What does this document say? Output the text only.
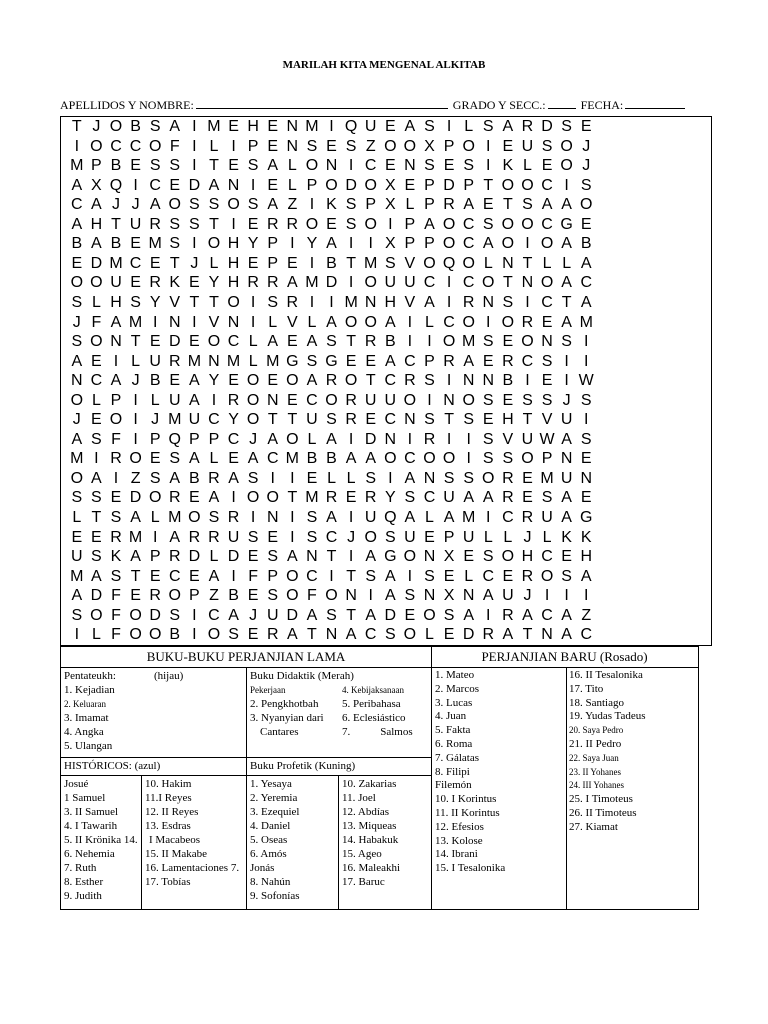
MARILAH KITA MENGENAL ALKITAB
APELLIDOS Y NOMBRE:	GRADO Y SECC.:	FECHA:
T J O B S A I M E H E N M I Q U E A S I L S A R D S E
I O C C O F I L I P E N S E S Z O O X P O I E U S O J
M P B E S S I T E S A L O N I C E N S E S I K L E O J
A X Q I C E D A N I E L P O D O X E P D P T O O C I S
C A J J A O S S O S A Z I K S P X L P R A E T S A A O
A H T U R S S T I E R R O E S O I P A O C S O O C G E
B A B E M S I O H Y P I Y A I I X P P O C A O I O A B
E D M C E T J L H E P E I B T M S V O Q O L N T L L A
O O U E R K E Y H R R A M D I O U U C I C O T N O A C
S L H S Y V T T O I S R I I M N H V A I R N S I C T A
J F A M I N I V N I L V L A O O A I L C O I O R E A M
S O N T E D E O C L A E A S T R B I I O M S E O N S I
A E I L U R M N M L M G S G E E A C P R A E R C S I I
N C A J B E A Y E O E O A R O T C R S I N N B I E I W
O L P I L U A I R O N E C O R U U O I N O S E S S J S
J E O I J M U C Y O T T U S R E C N S T S E H T V U I
A S F I P Q P P C J A O L A I D N I R I I S V U W A S
M I R O E S A L E A C M B B A A O C O O I S S O P N E
O A I Z S A B R A S I I E L L S I A N S S O R E M U N
S S E D O R E A I O O T M R E R Y S C U A A R E S A E
L T S A L M O S R I N I S A I U Q A L A M I C R U A G
E E R M I A R R U S E I S C J O S U E P U L L J L K K
U S K A P R D L D E S A N T I A G O N X E S O H C E H
M A S T E C E A I F P O C I T S A I S E L C E R O S A
A D F E R O P Z B E S O F O N I A S N X N A U J I I I
S O F O D S I C A J U D A S T A D E O S A I R A C A Z
I L F O O B I O S E R A T N A C S O L E D R A T N A C
BUKU-BUKU PERJANJIAN LAMA	PERJANJIAN BARU (Rosado)
Pentateukh:	(hijau)
1. Kejadian
2. Keluaran
3. Imamat
4. Angka
5. Ulangan
Buku Didaktik (Merah)
Pekerjaan
2. Pengkhotbah
3. Nyanyian dari
Cantares
4. Kebijaksanaan
5. Peribahasa
6. Eclesiástico
7.	Salmos
HISTÓRICOS: (azul)
Josué
1 Samuel
3. II Samuel
4. I Tawarih
5. II Krönika 14.
6. Nehemia
7. Ruth
8. Esther
9. Judith
10. Hakim
11.I Reyes
12. II Reyes
13. Esdras
I Macabeos
15. II Makabe
16. Lamentaciones 7.
17. Tobías
Buku Profetik (Kuning)
1. Yesaya
2. Yeremia
3. Ezequiel
4. Daniel
5. Oseas
6. Amós
Jonás
8. Nahún
9. Sofonías
10. Zakarias
11. Joel
12. Abdías
13. Miqueas
14. Habakuk
15. Ageo
16. Maleakhi
17. Baruc
1. Mateo
2. Marcos
3. Lucas
4. Juan
5. Fakta
6. Roma
7. Gálatas
8. Filipi
Filemón
10. I Korintus
11. II Korintus
12. Efesios
13. Kolose
14. Ibrani
15. I Tesalonika
16. II Tesalonika
17. Tito
18. Santiago
19. Yudas Tadeus
20. Saya Pedro
21. II Pedro
22. Saya Juan
23. II Yohanes
24. III Yohanes
25. I Timoteus
26. II Timoteus
27. Kiamat
